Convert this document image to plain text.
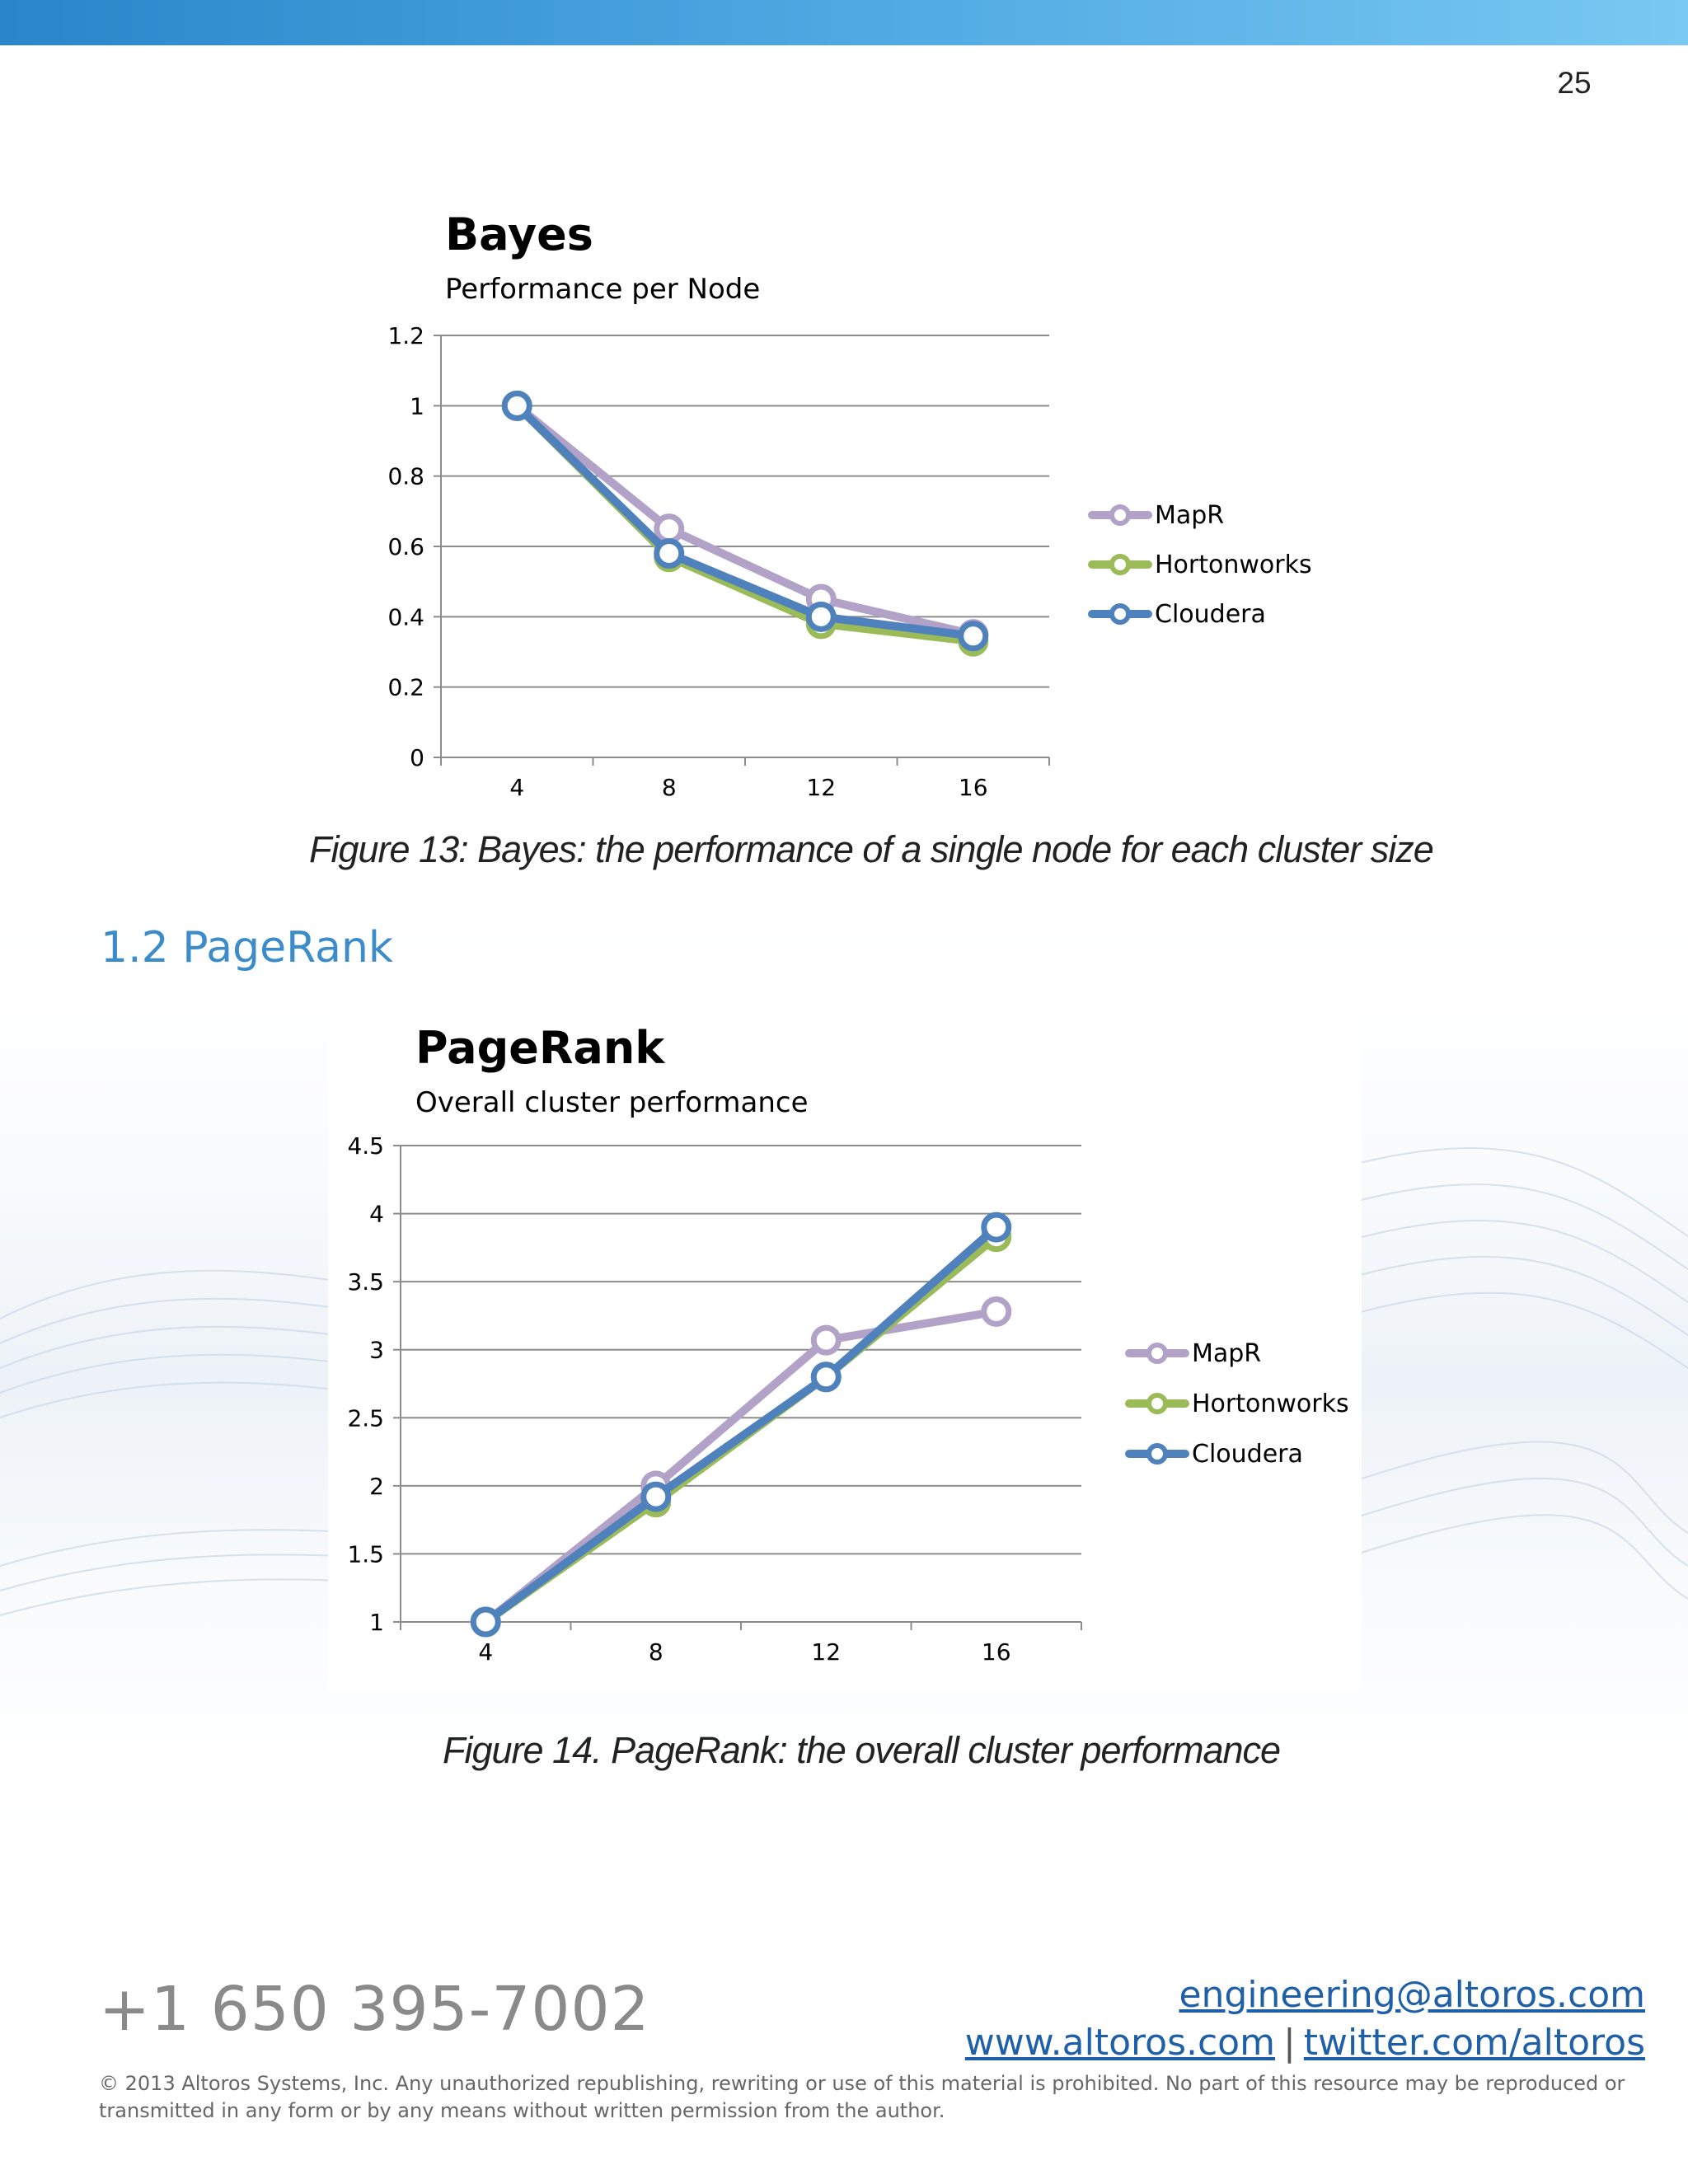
25
Bayes
Performance per Node
0
0.2
0.4
0.6
0.8
1
1.2
4	8	12	16
MapR
Hortonworks
Cloudera
Figure 13: Bayes: the performance of a single node for each cluster size
1.2 PageRank
PageRank
Overall cluster performance
1
1.5
2
2.5
3
3.5
4
4.5
4	8	12	16
MapR
Hortonworks
Cloudera
Figure 14. PageRank: the overall cluster performance
+1 650 395-7002	engineering@altoros.com
www.altoros.com | twitter.com/altoros
© 2013 Altoros Systems, Inc. Any unauthorized republishing, rewriting or use of this material is prohibited. No part of this resource may be reproduced or transmitted in any form or by any means without written permission from the author.
